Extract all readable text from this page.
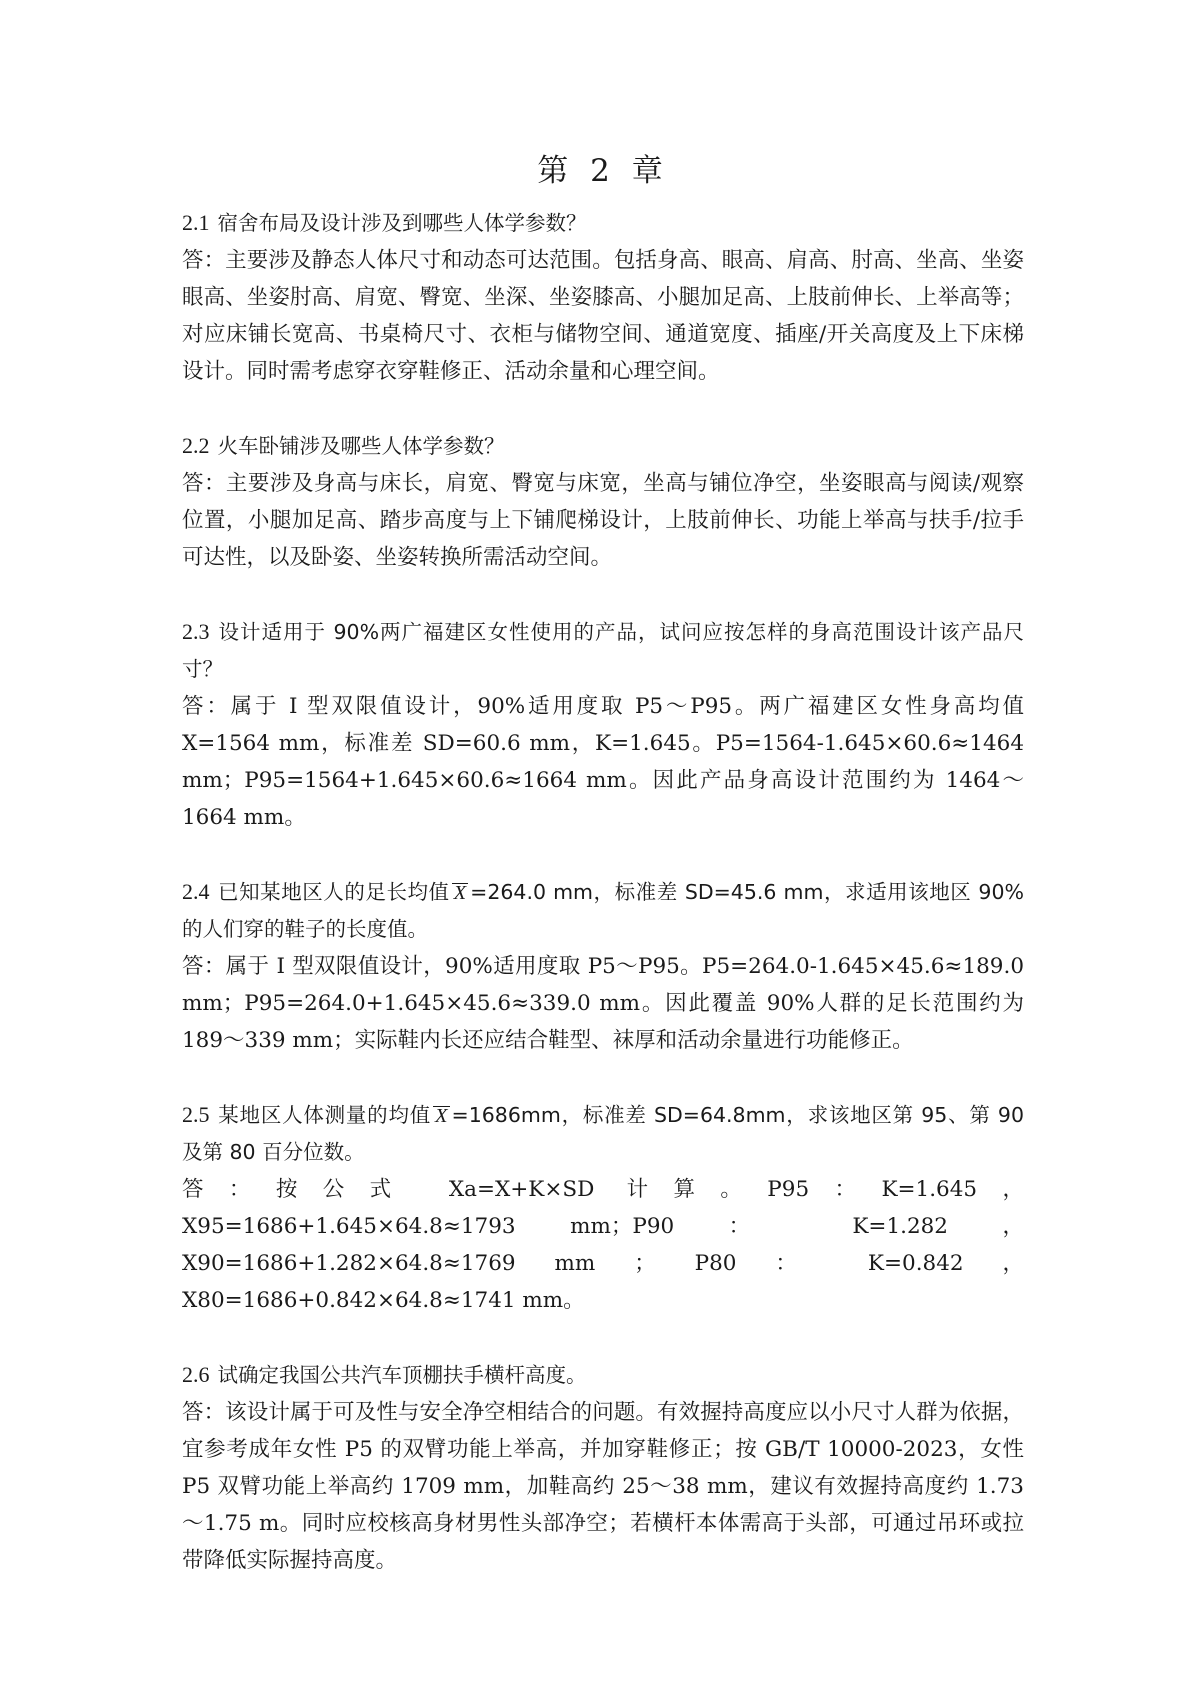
第 2 章

2.1 宿舍布局及设计涉及到哪些人体学参数？

答：主要涉及静态人体尺寸和动态可达范围。包括身高、眼高、肩高、肘高、坐高、坐姿眼高、坐姿肘高、肩宽、臀宽、坐深、坐姿膝高、小腿加足高、上肢前伸长、上举高等；对应床铺长宽高、书桌椅尺寸、衣柜与储物空间、通道宽度、插座/开关高度及上下床梯设计。同时需考虑穿衣穿鞋修正、活动余量和心理空间。

2.2 火车卧铺涉及哪些人体学参数？

答：主要涉及身高与床长，肩宽、臀宽与床宽，坐高与铺位净空，坐姿眼高与阅读/观察位置，小腿加足高、踏步高度与上下铺爬梯设计，上肢前伸长、功能上举高与扶手/拉手可达性，以及卧姿、坐姿转换所需活动空间。

2.3 设计适用于 90%两广福建区女性使用的产品，试问应按怎样的身高范围设计该产品尺寸？

答：属于 I 型双限值设计，90%适用度取 P5～P95。两广福建区女性身高均值 X=1564 mm，标准差 SD=60.6 mm，K=1.645。P5=1564-1.645×60.6≈1464 mm；P95=1564+1.645×60.6≈1664 mm。因此产品身高设计范围约为 1464～1664 mm。

2.4 已知某地区人的足长均值 X =264.0 mm，标准差 SD=45.6 mm，求适用该地区 90%的人们穿的鞋子的长度值。

答：属于 I 型双限值设计，90%适用度取 P5～P95。P5=264.0-1.645×45.6≈189.0 mm；P95=264.0+1.645×45.6≈339.0 mm。因此覆盖 90%人群的足长范围约为 189～339 mm；实际鞋内长还应结合鞋型、袜厚和活动余量进行功能修正。

2.5 某地区人体测量的均值 X =1686mm，标准差 SD=64.8mm，求该地区第 95、第 90 及第 80 百分位数。

答：按公式 Xa=X+K×SD 计算。P95：K=1.645，X95=1686+1.645×64.8≈1793 mm；P90 ： K=1.282 ， X90=1686+1.282×64.8≈1769 mm ； P80 ： K=0.842 ， X80=1686+0.842×64.8≈1741 mm。

2.6 试确定我国公共汽车顶棚扶手横杆高度。

答：该设计属于可及性与安全净空相结合的问题。有效握持高度应以小尺寸人群为依据，宜参考成年女性 P5 的双臂功能上举高，并加穿鞋修正；按 GB/T 10000-2023，女性 P5 双臂功能上举高约 1709 mm，加鞋高约 25～38 mm，建议有效握持高度约 1.73～1.75 m。同时应校核高身材男性头部净空；若横杆本体需高于头部，可通过吊环或拉带降低实际握持高度。
